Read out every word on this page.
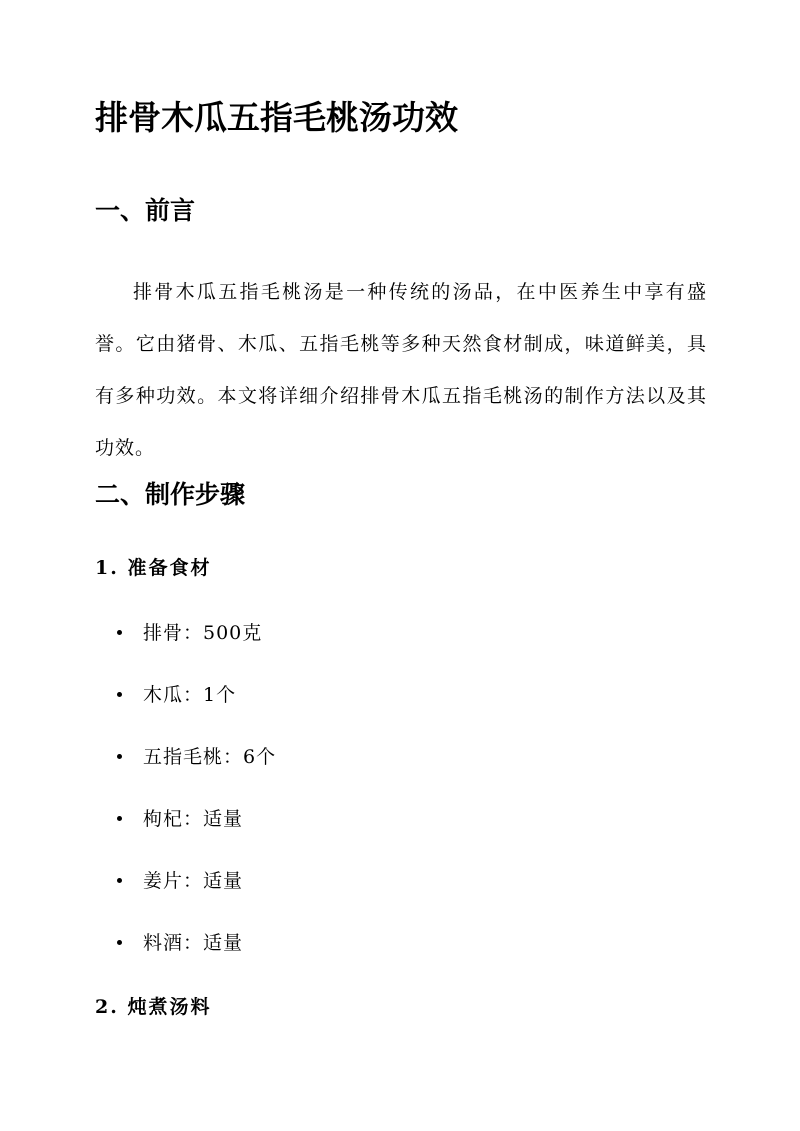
排骨木瓜五指毛桃汤功效
一、前言

排骨木瓜五指毛桃汤是一种传统的汤品，在中医养生中享有盛誉。它由猪骨、木瓜、五指毛桃等多种天然食材制成，味道鲜美，具有多种功效。本文将详细介绍排骨木瓜五指毛桃汤的制作方法以及其功效。

二、制作步骤
1. 准备食材
排骨：500克
木瓜：1个
五指毛桃：6个
枸杞：适量
姜片：适量
料酒：适量
2. 炖煮汤料
